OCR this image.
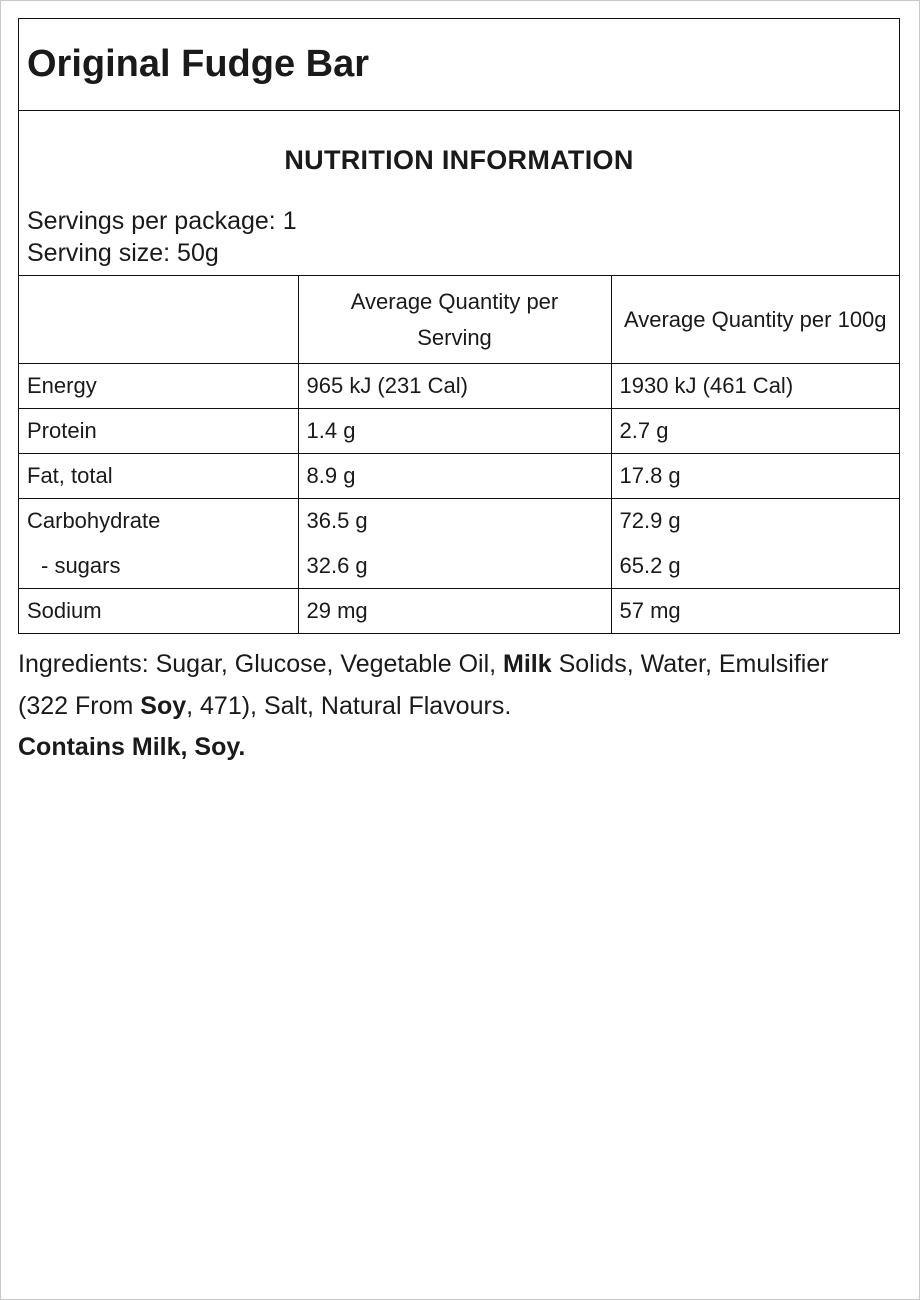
Original Fudge Bar
NUTRITION INFORMATION
Servings per package: 1
Serving size: 50g
	Average Quantity per Serving	Average Quantity per 100g
Energy	965 kJ (231 Cal)	1930 kJ (461 Cal)
Protein	1.4 g	2.7 g
Fat, total	8.9 g	17.8 g
Carbohydrate	36.5 g	72.9 g
- sugars	32.6 g	65.2 g
Sodium	29 mg	57 mg
Ingredients: Sugar, Glucose, Vegetable Oil, Milk Solids, Water, Emulsifier (322 From Soy, 471), Salt, Natural Flavours.
Contains Milk, Soy.
